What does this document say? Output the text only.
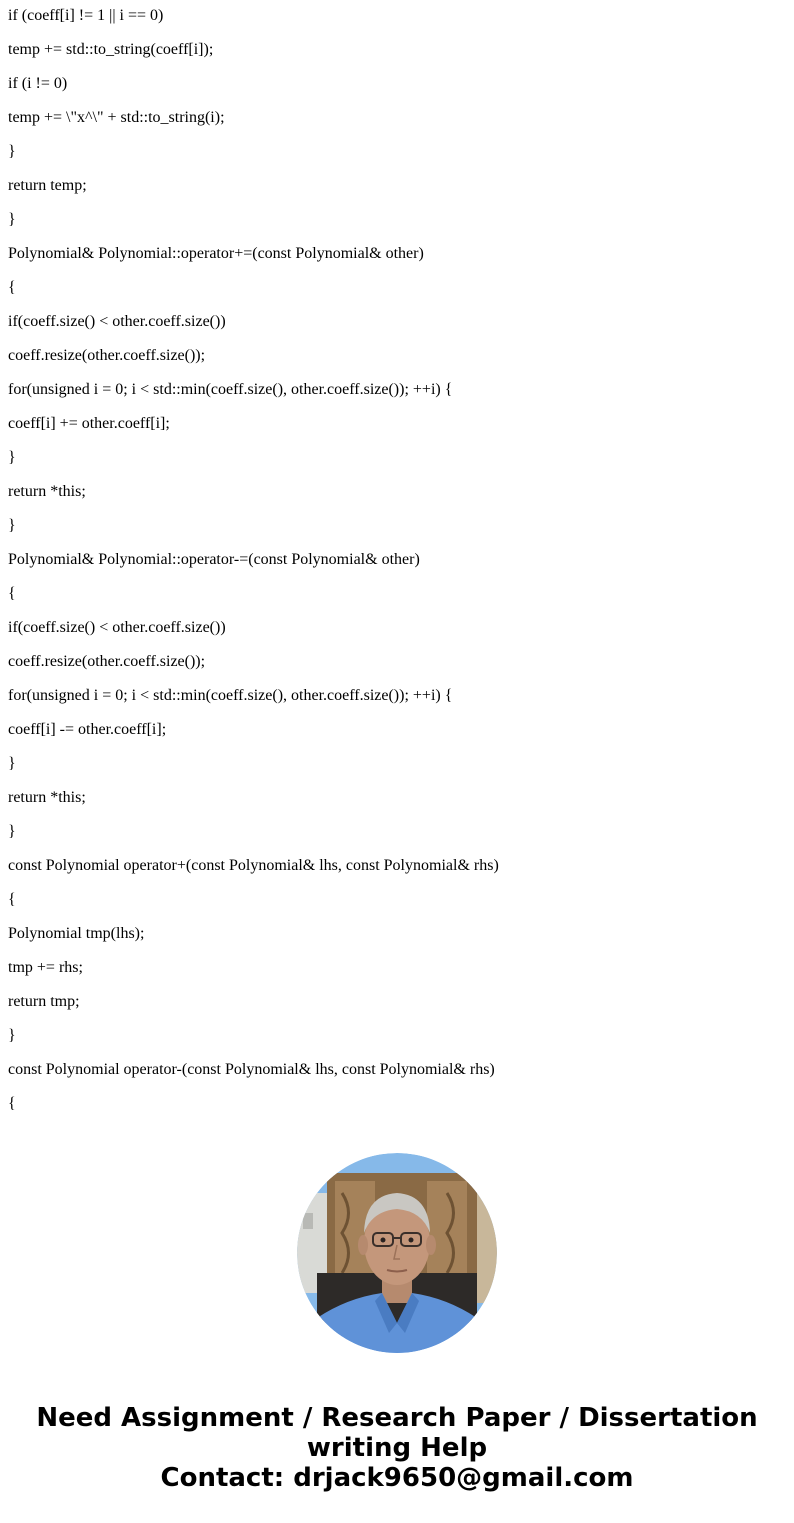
if (coeff[i] != 1 || i == 0)
temp += std::to_string(coeff[i]);
if (i != 0)
temp += \"x^\" + std::to_string(i);
}
return temp;
}
Polynomial& Polynomial::operator+=(const Polynomial& other)
{
if(coeff.size() < other.coeff.size())
coeff.resize(other.coeff.size());
for(unsigned i = 0; i < std::min(coeff.size(), other.coeff.size()); ++i) {
coeff[i] += other.coeff[i];
}
return *this;
}
Polynomial& Polynomial::operator-=(const Polynomial& other)
{
if(coeff.size() < other.coeff.size())
coeff.resize(other.coeff.size());
for(unsigned i = 0; i < std::min(coeff.size(), other.coeff.size()); ++i) {
coeff[i] -= other.coeff[i];
}
return *this;
}
const Polynomial operator+(const Polynomial& lhs, const Polynomial& rhs)
{
Polynomial tmp(lhs);
tmp += rhs;
return tmp;
}
const Polynomial operator-(const Polynomial& lhs, const Polynomial& rhs)
{
Need Assignment / Research Paper / Dissertation
writing Help
Contact: drjack9650@gmail.com
